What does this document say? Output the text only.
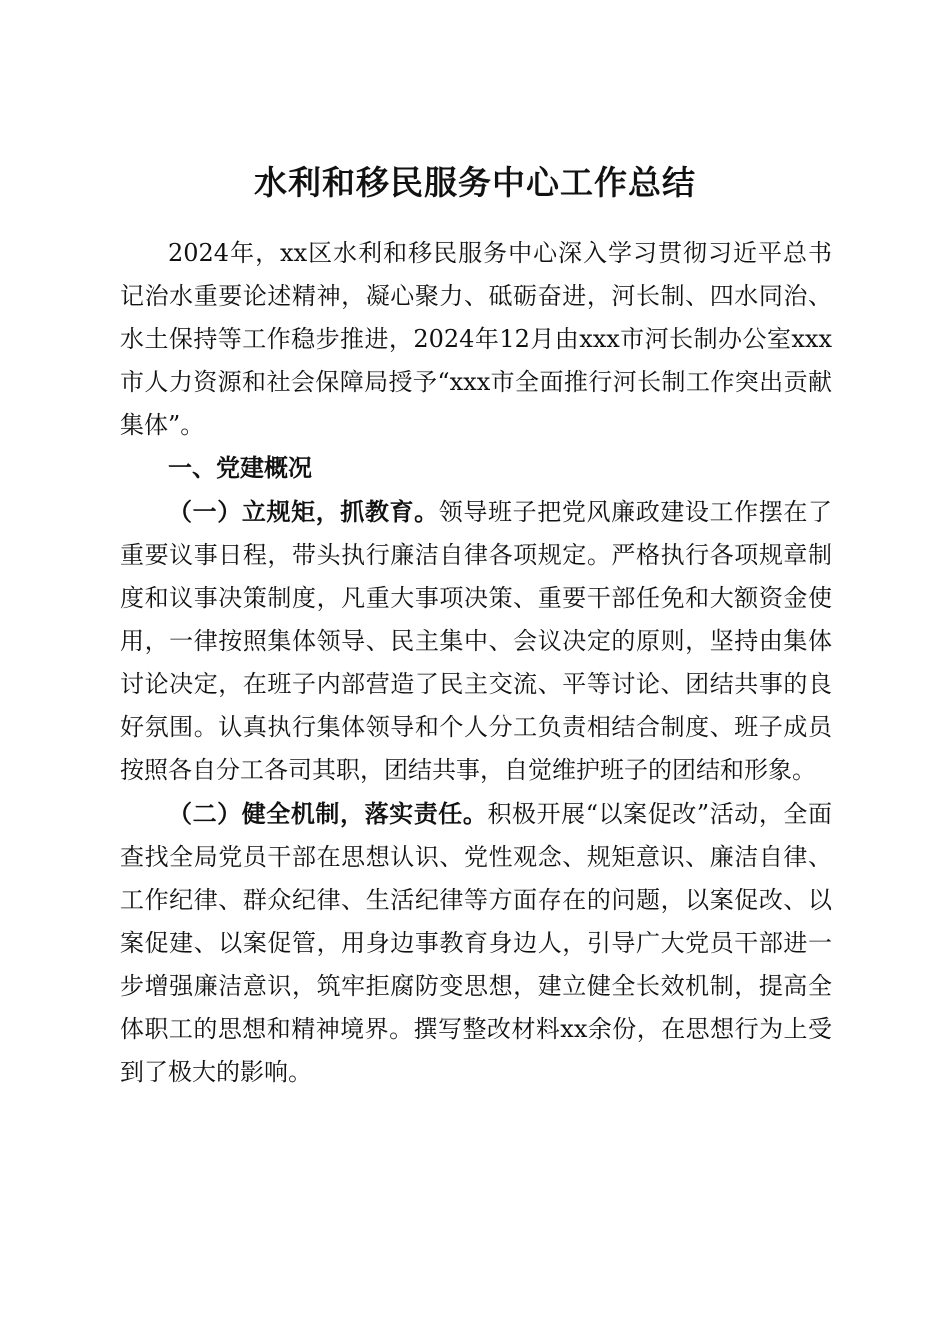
水利和移民服务中心工作总结

2024年，xx区水利和移民服务中心深入学习贯彻习近平总书记治水重要论述精神，凝心聚力、砥砺奋进，河长制、四水同治、水土保持等工作稳步推进，2024年12月由xxx市河长制办公室xxx市人力资源和社会保障局授予“xxx市全面推行河长制工作突出贡献集体”。

一、党建概况

（一）立规矩，抓教育。领导班子把党风廉政建设工作摆在了重要议事日程，带头执行廉洁自律各项规定。严格执行各项规章制度和议事决策制度，凡重大事项决策、重要干部任免和大额资金使用，一律按照集体领导、民主集中、会议决定的原则，坚持由集体讨论决定，在班子内部营造了民主交流、平等讨论、团结共事的良好氛围。认真执行集体领导和个人分工负责相结合制度、班子成员按照各自分工各司其职，团结共事，自觉维护班子的团结和形象。

（二）健全机制，落实责任。积极开展“以案促改”活动，全面查找全局党员干部在思想认识、党性观念、规矩意识、廉洁自律、工作纪律、群众纪律、生活纪律等方面存在的问题，以案促改、以案促建、以案促管，用身边事教育身边人，引导广大党员干部进一步增强廉洁意识，筑牢拒腐防变思想，建立健全长效机制，提高全体职工的思想和精神境界。撰写整改材料xx余份，在思想行为上受到了极大的影响。
